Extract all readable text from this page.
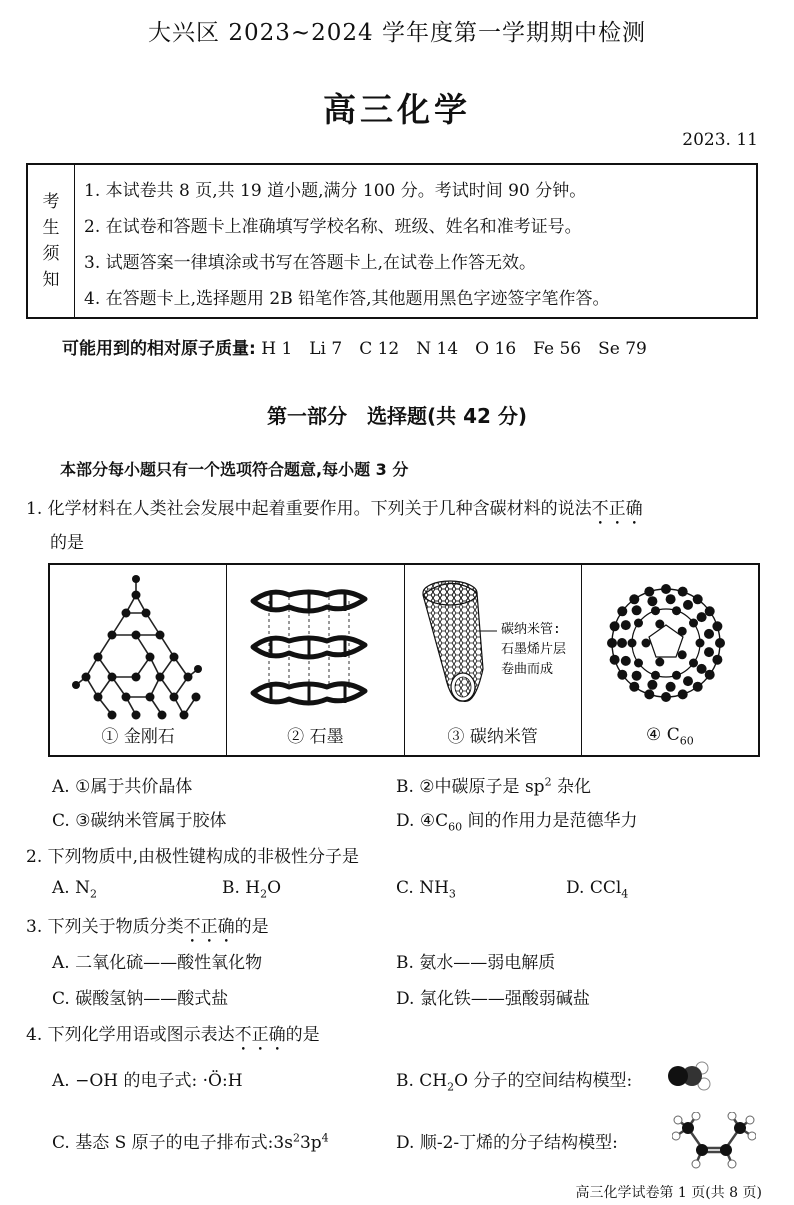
大兴区 2023~2024 学年度第一学期期中检测
高三化学
2023. 11
考
生
须
知
1. 本试卷共 8 页,共 19 道小题,满分 100 分。考试时间 90 分钟。
2. 在试卷和答题卡上准确填写学校名称、班级、姓名和准考证号。
3. 试题答案一律填涂或书写在答题卡上,在试卷上作答无效。
4. 在答题卡上,选择题用 2B 铅笔作答,其他题用黑色字迹签字笔作答。
可能用到的相对原子质量: H 1　Li 7　C 12　N 14　O 16　Fe 56　Se 79
第一部分　选择题(共 42 分)
本部分每小题只有一个选项符合题意,每小题 3 分
1. 化学材料在人类社会发展中起着重要作用。下列关于几种含碳材料的说法不正确
的是
① 金刚石	② 石墨
碳纳米管:
石墨烯片层
卷曲而成
③ 碳纳米管	④ $C_{60}$
A. ①属于共价晶体	B. ②中碳原子是 $sp^2$ 杂化
C. ③碳纳米管属于胶体	D. $④C_{60}$ 间的作用力是范德华力
2. 下列物质中,由极性键构成的非极性分子是
A. $N_2$	B. $H_2O$	C. $NH_3$	D. CCl$_4$
3. 下列关于物质分类不正确的是
A. 二氧化硫——酸性氧化物	B. 氨水——弱电解质
C. 碳酸氢钠——酸式盐	D. 氯化铁——强酸弱碱盐
4. 下列化学用语或图示表达不正确的是
A. −OH 的电子式: ·Ö:H	B. $CH_2O$ 分子的空间结构模型:
C. 基态 S 原子的电子排布式$:3s^23p^4$	D. 顺-2-丁烯的分子结构模型:
高三化学试卷第 1 页(共 8 页)
